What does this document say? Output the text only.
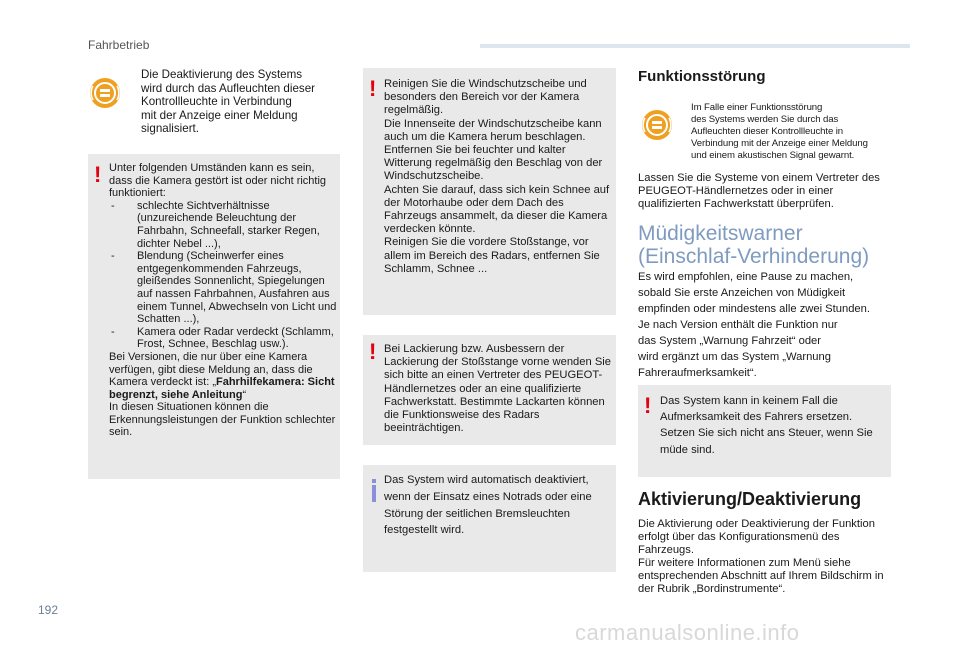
Fahrbetrieb
Die Deaktivierung des Systems
wird durch das Aufleuchten dieser
Kontrollleuchte in Verbindung
mit der Anzeige einer Meldung
signalisiert.
! Unter folgenden Umständen kann es sein, dass die Kamera gestört ist oder nicht richtig funktioniert:

- schlechte Sichtverhältnisse (unzureichende Beleuchtung der Fahrbahn, Schneefall, starker Regen, dichter Nebel ...),
- Blendung (Scheinwerfer eines entgegenkommenden Fahrzeugs, gleißendes Sonnenlicht, Spiegelungen auf nassen Fahrbahnen, Ausfahren aus einem Tunnel, Abwechseln von Licht und Schatten ...),
- Kamera oder Radar verdeckt (Schlamm, Frost, Schnee, Beschlag usw.).

Bei Versionen, die nur über eine Kamera verfügen, gibt diese Meldung an, dass die Kamera verdeckt ist: „Fahrhilfekamera: Sicht begrenzt, siehe Anleitung“

In diesen Situationen können die Erkennungsleistungen der Funktion schlechter sein.

! Reinigen Sie die Windschutzscheibe und besonders den Bereich vor der Kamera regelmäßig.

Die Innenseite der Windschutzscheibe kann auch um die Kamera herum beschlagen. Entfernen Sie bei feuchter und kalter Witterung regelmäßig den Beschlag von der Windschutzscheibe.

Achten Sie darauf, dass sich kein Schnee auf der Motorhaube oder dem Dach des Fahrzeugs ansammelt, da dieser die Kamera verdecken könnte.

Reinigen Sie die vordere Stoßstange, vor allem im Bereich des Radars, entfernen Sie Schlamm, Schnee ...

! Bei Lackierung bzw. Ausbessern der Lackierung der Stoßstange vorne wenden Sie sich bitte an einen Vertreter des PEUGEOT-Händlernetzes oder an eine qualifizierte Fachwerkstatt. Bestimmte Lackarten können die Funktionsweise des Radars beeinträchtigen.
Das System wird automatisch deaktiviert, wenn der Einsatz eines Notrads oder eine Störung der seitlichen Bremsleuchten festgestellt wird.
Funktionsstörung
Im Falle einer Funktionsstörung
des Systems werden Sie durch das
Aufleuchten dieser Kontrollleuchte in
Verbindung mit der Anzeige einer Meldung
und einem akustischen Signal gewarnt.
Lassen Sie die Systeme von einem Vertreter des PEUGEOT-Händlernetzes oder in einer qualifizierten Fachwerkstatt überprüfen.
Müdigkeitswarner
(Einschlaf-Verhinderung)
Es wird empfohlen, eine Pause zu machen,
sobald Sie erste Anzeichen von Müdigkeit
empfinden oder mindestens alle zwei Stunden.
Je nach Version enthält die Funktion nur
das System „Warnung Fahrzeit“ oder
wird ergänzt um das System „Warnung
Fahreraufmerksamkeit“.
! Das System kann in keinem Fall die Aufmerksamkeit des Fahrers ersetzen. Setzen Sie sich nicht ans Steuer, wenn Sie müde sind.
Aktivierung/Deaktivierung

Die Aktivierung oder Deaktivierung der Funktion erfolgt über das Konfigurationsmenü des Fahrzeugs.

Für weitere Informationen zum Menü siehe entsprechenden Abschnitt auf Ihrem Bildschirm in der Rubrik „Bordinstrumente“.

192
carmanualsonline.info
